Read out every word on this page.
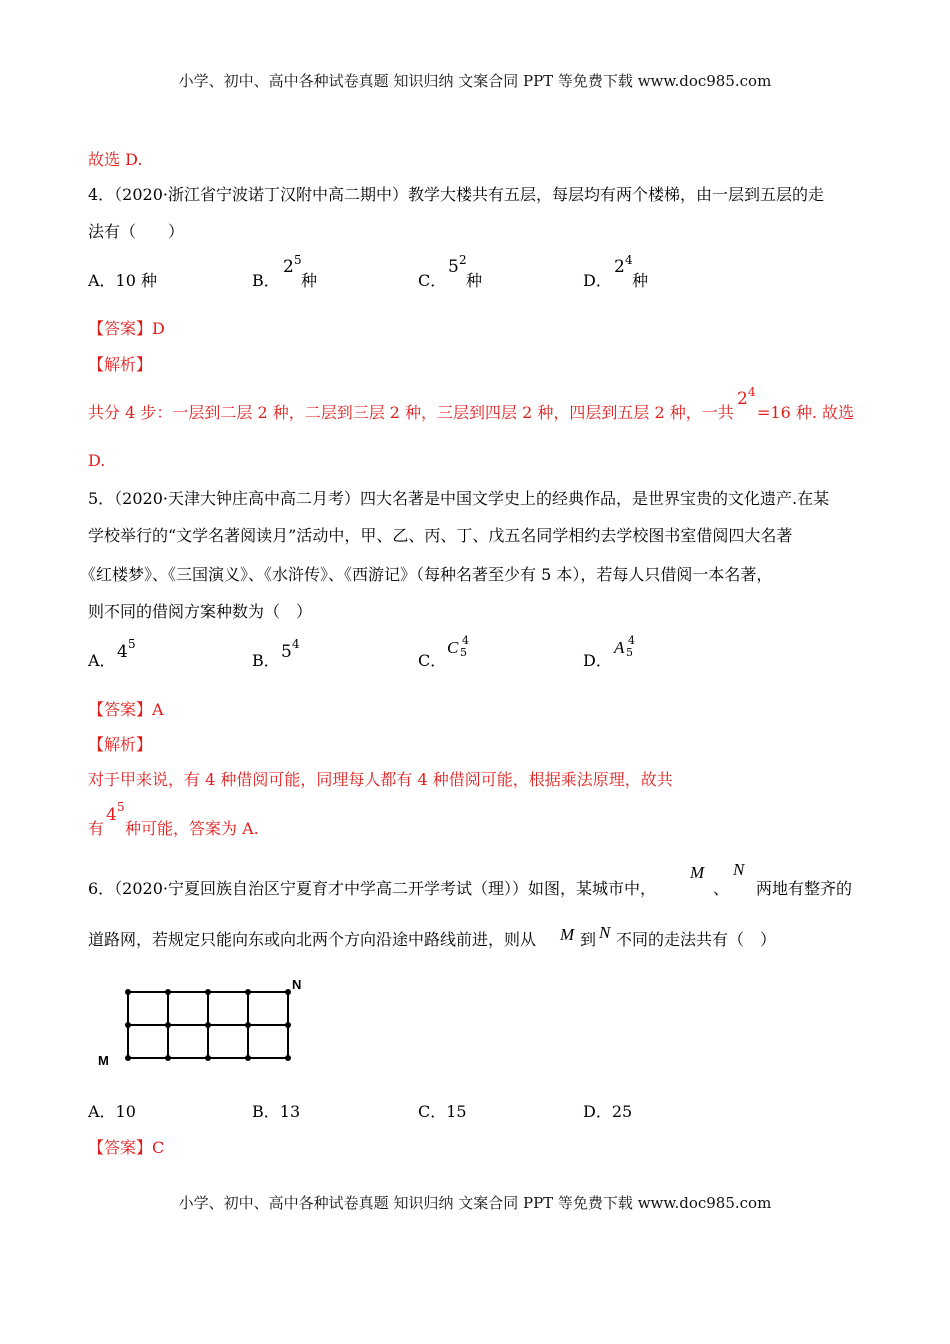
小学、初中、高中各种试卷真题 知识归纳 文案合同 PPT 等免费下载 www.doc985.com
故选 D.
4．（2020·浙江省宁波诺丁汉附中高二期中）教学大楼共有五层，每层均有两个楼梯，由一层到五层的走
法有（　　）
A．10 种	B．
2 5
种	C．
5 2
种	D．
2 4
种
【答案】D
【解析】
共分 4 步：一层到二层 2 种，二层到三层 2 种，三层到四层 2 种，四层到五层 2 种，一共
2 4
=16 种. 故选
D.
5．（2020·天津大钟庄高中高二月考）四大名著是中国文学史上的经典作品，是世界宝贵的文化遗产.在某
学校举行的“文学名著阅读月”活动中，甲、乙、丙、丁、戊五名同学相约去学校图书室借阅四大名著
《红楼梦》、《三国演义》、《水浒传》、《西游记》（每种名著至少有 5 本），若每人只借阅一本名著，
则不同的借阅方案种数为（　）
A． 4 5
B． 5 4
C．
C 4
5	D．
A 4
5
【答案】A
【解析】
对于甲来说，有 4 种借阅可能，同理每人都有 4 种借阅可能，根据乘法原理，故共
有
4 5
种可能，答案为 A.
6．（2020·宁夏回族自治区宁夏育才中学高二开学考试（理））如图，某城市中，
M
、
N
两地有整齐的
道路网，若规定只能向东或向北两个方向沿途中路线前进，则从 M 到 N 不同的走法共有（　）
M
N
A．10	B．13	C．15	D．25
【答案】C
小学、初中、高中各种试卷真题 知识归纳 文案合同 PPT 等免费下载 www.doc985.com
